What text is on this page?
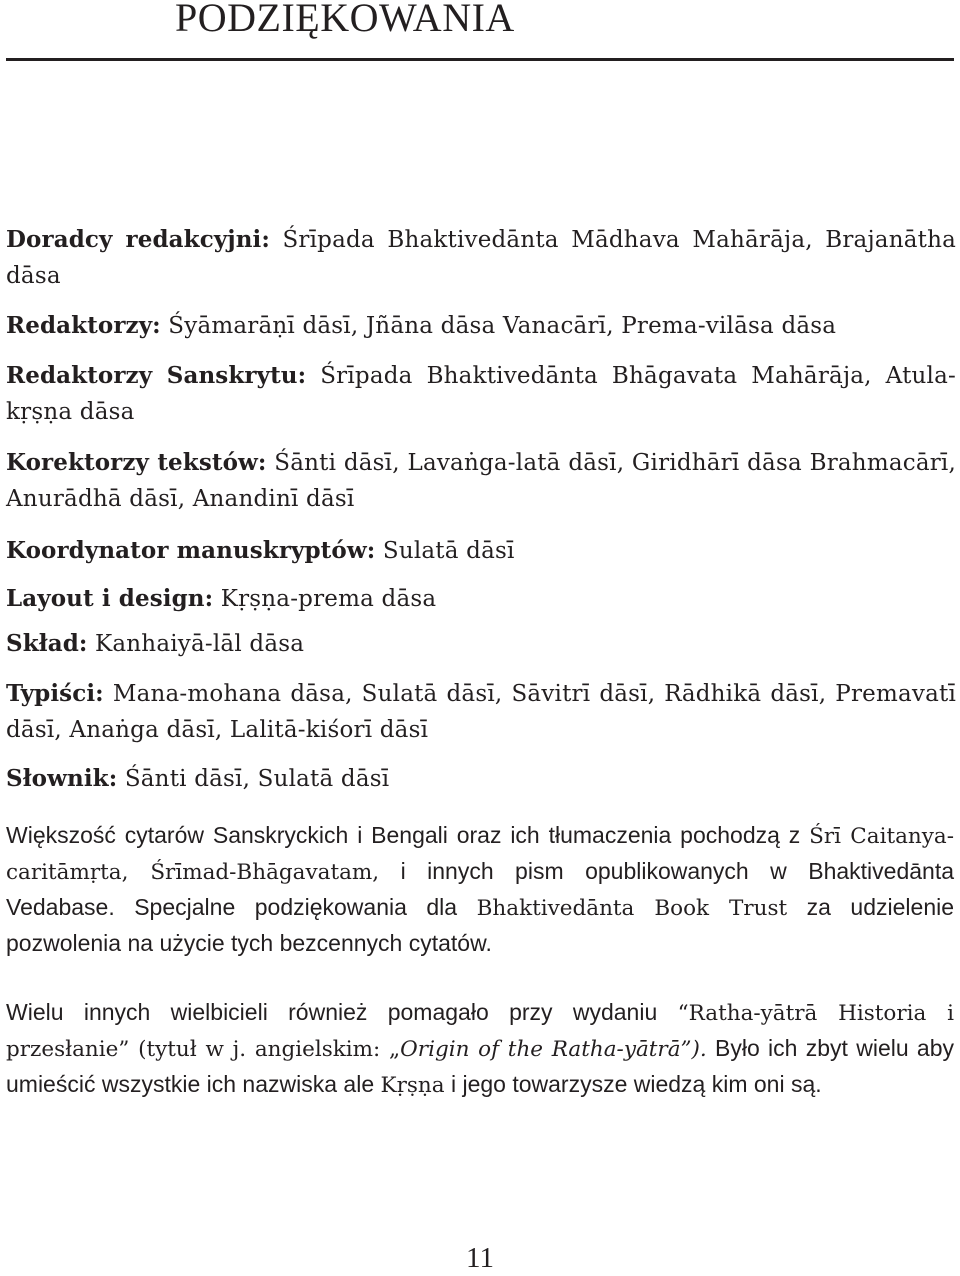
PODZIĘKOWANIA

Doradcy redakcyjni: Śrīpada Bhaktivedānta Mādhava Mahārāja, Brajanātha dāsa

Redaktorzy: Śyāmarāṇī dāsī, Jñāna dāsa Vanacārī, Prema-vilāsa dāsa

Redaktorzy Sanskrytu: Śrīpada Bhaktivedānta Bhāgavata Mahārāja, Atula-kṛṣṇa dāsa

Korektorzy tekstów: Śānti dāsī, Lavaṅga-latā dāsī, Giridhārī dāsa Brahmacārī, Anurādhā dāsī, Anandinī dāsī

Koordynator manuskryptów: Sulatā dāsī

Layout i design: Kṛṣṇa-prema dāsa

Skład: Kanhaiyā-lāl dāsa

Typiści: Mana-mohana dāsa, Sulatā dāsī, Sāvitrī dāsī, Rādhikā dāsī, Premavatī dāsī, Anaṅga dāsī, Lalitā-kiśorī dāsī

Słownik: Śānti dāsī, Sulatā dāsī

Większość cytarów Sanskryckich i Bengali oraz ich tłumaczenia pochodzą z Śrī Caitanya-caritāmṛta, Śrīmad-Bhāgavatam, i innych pism opublikowanych w Bhaktivedānta Vedabase. Specjalne podziękowania dla Bhaktivedānta Book Trust za udzielenie pozwolenia na użycie tych bezcennych cytatów.

Wielu innych wielbicieli również pomagało przy wydaniu “Ratha-yātrā Historia i przesłanie” (tytuł w j. angielskim: „Origin of the Ratha-yātrā”). Było ich zbyt wielu aby umieścić wszystkie ich nazwiska ale Kṛṣṇa i jego towarzysze wiedzą kim oni są.

11
